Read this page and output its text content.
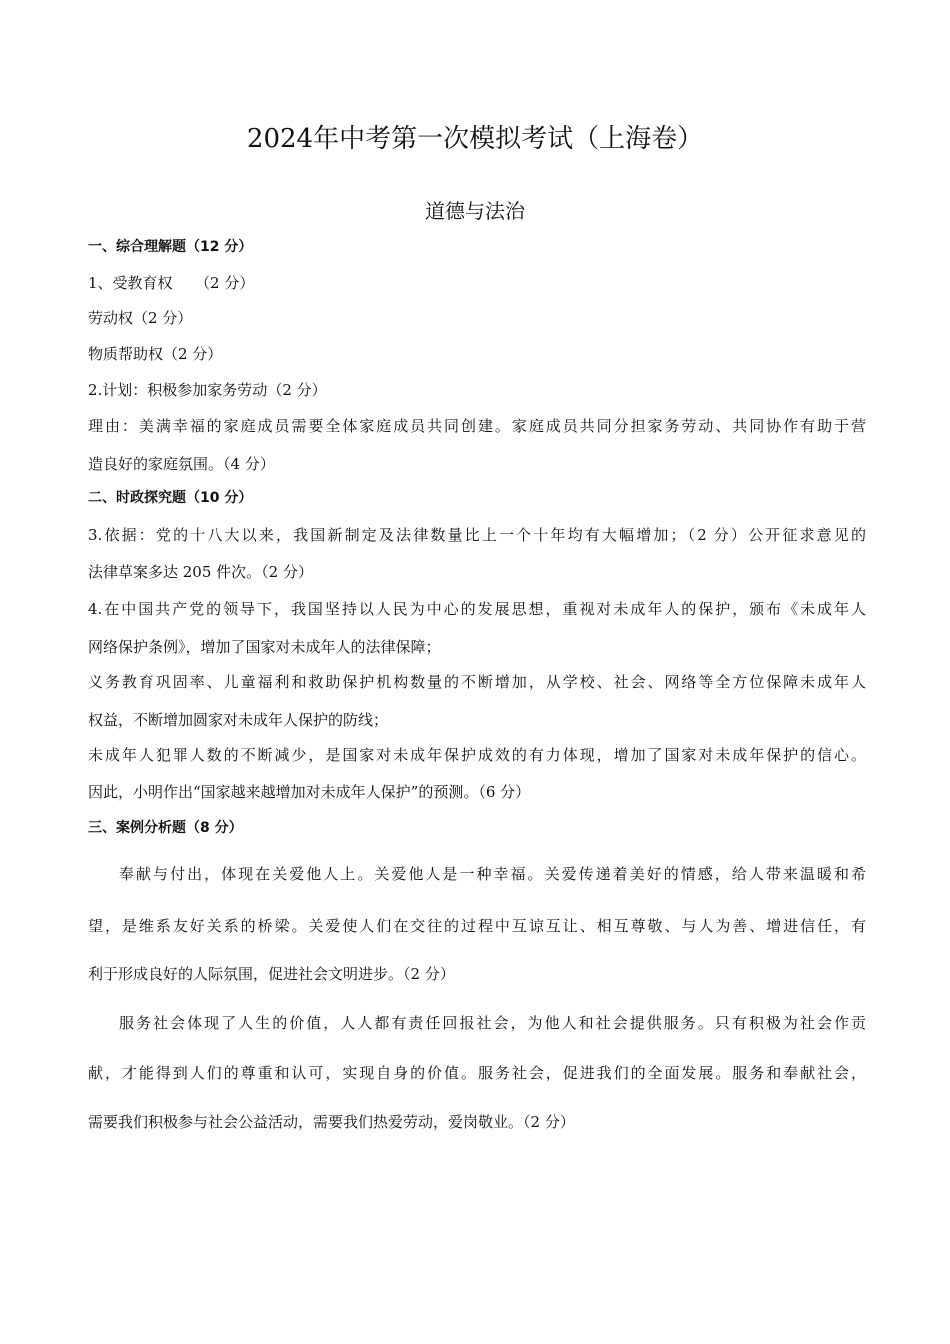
2024年中考第一次模拟考试（上海卷）
道德与法治
一、综合理解题（12 分）
1、受教育权　　（2 分）
劳动权（2 分）
物质帮助权（2 分）
2.计划：积极参加家务劳动（2 分）
理由：美满幸福的家庭成员需要全体家庭成员共同创建。家庭成员共同分担家务劳动、共同协作有助于营
造良好的家庭氛围。（4 分）
二、时政探究题（10 分）
3.依据：党的十八大以来，我国新制定及法律数量比上一个十年均有大幅增加；（2 分）公开征求意见的
法律草案多达 205 件次。（2 分）
4.在中国共产党的领导下，我国坚持以人民为中心的发展思想，重视对未成年人的保护，颁布《未成年人
网络保护条例》，增加了国家对未成年人的法律保障；
义务教育巩固率、儿童福利和救助保护机构数量的不断增加，从学校、社会、网络等全方位保障未成年人
权益，不断增加圆家对未成年人保护的防线；
未成年人犯罪人数的不断减少，是国家对未成年保护成效的有力体现，增加了国家对未成年保护的信心。
因此，小明作出“国家越来越增加对未成年人保护”的预测。（6 分）
三、案例分析题（8 分）
奉献与付出，体现在关爱他人上。关爱他人是一种幸福。关爱传递着美好的情感，给人带来温暖和希
望，是维系友好关系的桥梁。关爱使人们在交往的过程中互谅互让、相互尊敬、与人为善、增进信任，有
利于形成良好的人际氛围，促进社会文明进步。（2 分）
服务社会体现了人生的价值，人人都有责任回报社会，为他人和社会提供服务。只有积极为社会作贡
献，才能得到人们的尊重和认可，实现自身的价值。服务社会，促进我们的全面发展。服务和奉献社会，
需要我们积极参与社会公益活动，需要我们热爱劳动，爱岗敬业。（2 分）
